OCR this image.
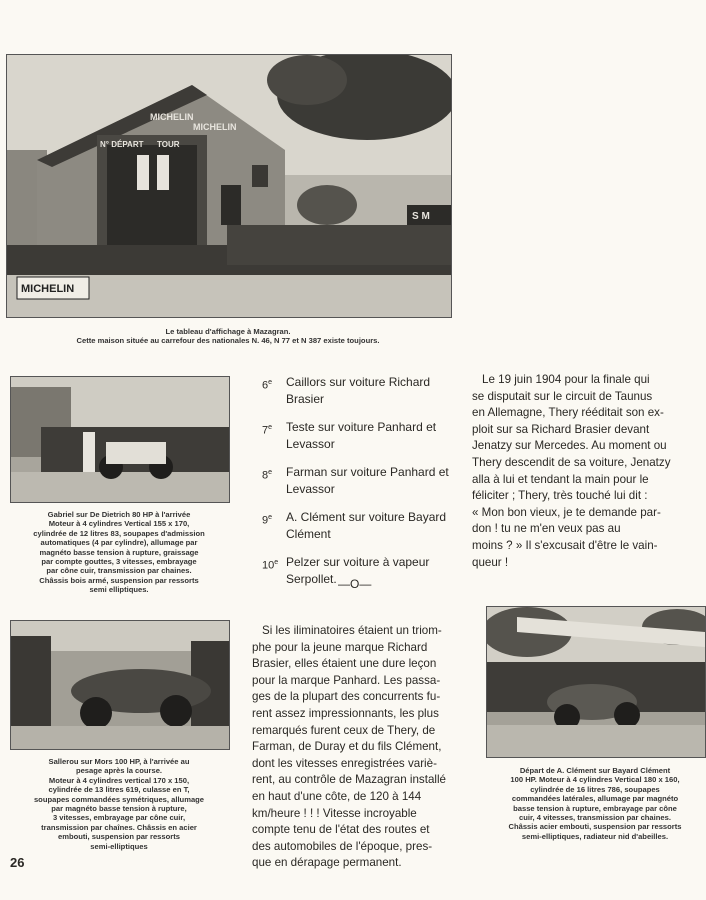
MICHELIN
MICHELIN
N° DÉPART TOUR
MICHELIN
S M
Le tableau d'affichage à Mazagran.
Cette maison située au carrefour des nationales N. 46, N 77 et N 387 existe toujours.
Gabriel sur De Dietrich 80 HP à l'arrivée
Moteur à 4 cylindres Vertical 155 x 170,
cylindrée de 12 litres 83, soupapes d'admission
automatiques (4 par cylindre), allumage par
magnéto basse tension à rupture, graissage
par compte gouttes, 3 vitesses, embrayage
par cône cuir, transmission par chaines.
Châssis bois armé, suspension par ressorts
semi elliptiques.
6e	Caillors sur voiture Richard
Brasier
7e	Teste sur voiture Panhard et
Levassor
8e	Farman sur voiture Panhard et
Levassor
9e	A. Clément sur voiture Bayard
Clément
10e Pelzer sur voiture à vapeur
Serpollet. —O—
Le 19 juin 1904 pour la finale qui
se disputait sur le circuit de Taunus
en Allemagne, Thery rééditait son ex-
ploit sur sa Richard Brasier devant
Jenatzy sur Mercedes. Au moment ou
Thery descendit de sa voiture, Jenatzy
alla à lui et tendant la main pour le
féliciter ; Thery, très touché lui dit :
« Mon bon vieux, je te demande par-
don ! tu ne m'en veux pas au
moins ? » Il s'excusait d'être le vain-
queur !
Sallerou sur Mors 100 HP, à l'arrivée au
pesage après la course.
Moteur à 4 cylindres vertical 170 x 150,
cylindrée de 13 litres 619, culasse en T,
soupapes commandées symétriques, allumage
par magnéto basse tension à rupture,
3 vitesses, embrayage par cône cuir,
transmission par chaînes. Châssis en acier
embouti, suspension par ressorts
semi-elliptiques
Si les iliminatoires étaient un triom-
phe pour la jeune marque Richard
Brasier, elles étaient une dure leçon
pour la marque Panhard. Les passa-
ges de la plupart des concurrents fu-
rent assez impressionnants, les plus
remarqués furent ceux de Thery, de
Farman, de Duray et du fils Clément,
dont les vitesses enregistrées variè-
rent, au contrôle de Mazagran installé
en haut d'une côte, de 120 à 144
km/heure ! ! ! Vitesse incroyable
compte tenu de l'état des routes et
des automobiles de l'époque, pres-
que en dérapage permanent.
Départ de A. Clément sur Bayard Clément
100 HP. Moteur à 4 cylindres Vertical 180 x 160,
cylindrée de 16 litres 786, soupapes
commandées latérales, allumage par magnéto
basse tension à rupture, embrayage par cône
cuir, 4 vitesses, transmission par chaines.
Châssis acier embouti, suspension par ressorts
semi-elliptiques, radiateur nid d'abeilles.
26
